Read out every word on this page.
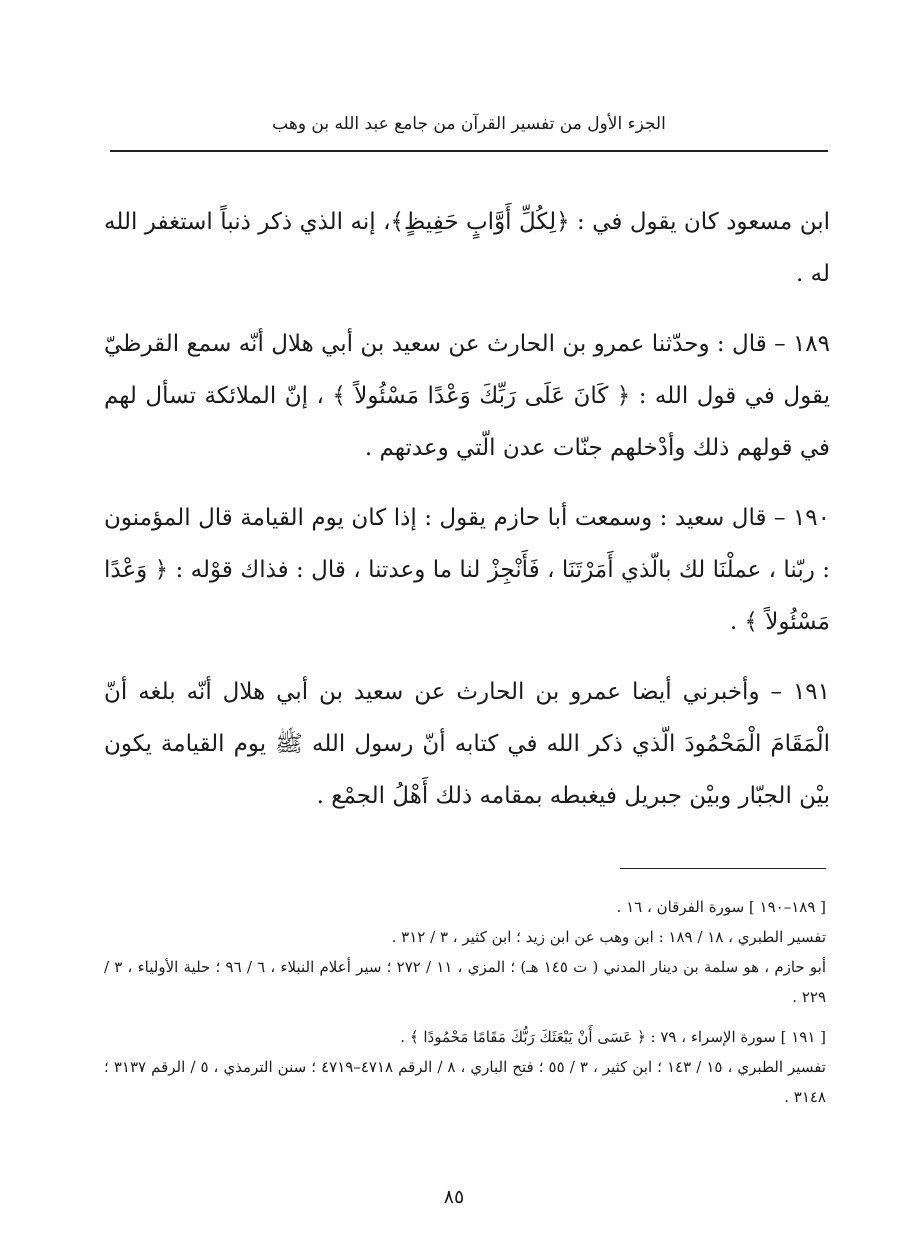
الجزء الأول من تفسير القرآن من جامع عبد الله بن وهب

ابن مسعود كان يقول في : ﴿لِكُلِّ أَوَّابٍ حَفِيظٍ﴾، إنه الذي ذكر ذنباً استغفر الله له .

١٨٩ – قال : وحدّثنا عمرو بن الحارث عن سعيد بن أبي هلال أنّه سمع القرظيّ يقول في قول الله : ﴿ كَانَ عَلَى رَبِّكَ وَعْدًا مَسْئُولاً ﴾ ، إنّ الملائكة تسأل لهم في قولهم ذلك وأدْخلهم جنّات عدن الّتي وعدتهم .

١٩٠ – قال سعيد : وسمعت أبا حازم يقول : إذا كان يوم القيامة قال المؤمنون : ربّنا ، عملْنَا لك بالّذي أَمَرْتَنَا ، فَأَنْجِزْ لنا ما وعدتنا ، قال : فذاك قوْله : ﴿ وَعْدًا مَسْئُولاً ﴾ .

١٩١ – وأخبرني أيضا عمرو بن الحارث عن سعيد بن أبي هلال أنّه بلغه أنّ الْمَقَامَ الْمَحْمُودَ الّذي ذكر الله في كتابه أنّ رسول الله ﷺ يوم القيامة يكون بيْن الجبّار وبيْن جبريل فيغبطه بمقامه ذلك أَهْلُ الجمْع .

[ ١٨٩–١٩٠ ] سورة الفرقان ، ١٦ .

تفسير الطبري ، ١٨ / ١٨٩ : ابن وهب عن ابن زيد ؛ ابن كثير ، ٣ / ٣١٢ .

أبو حازم ، هو سلمة بن دينار المدني ( ت ١٤٥ هـ) ؛ المزي ، ١١ / ٢٧٢ ؛ سير أعلام النبلاء ، ٦ / ٩٦ ؛ حلية الأولياء ، ٣ / ٢٢٩ .

[ ١٩١ ] سورة الإسراء ، ٧٩ : ﴿ عَسَى أَنْ يَبْعَثَكَ رَبُّكَ مَقَامًا مَحْمُودًا ﴾ .

تفسير الطبري ، ١٥ / ١٤٣ ؛ ابن كثير ، ٣ / ٥٥ ؛ فتح الباري ، ٨ / الرقم ٤٧١٨–٤٧١٩ ؛ سنن الترمذي ، ٥ / الرقم ٣١٣٧ ؛ ٣١٤٨ .

٨٥
